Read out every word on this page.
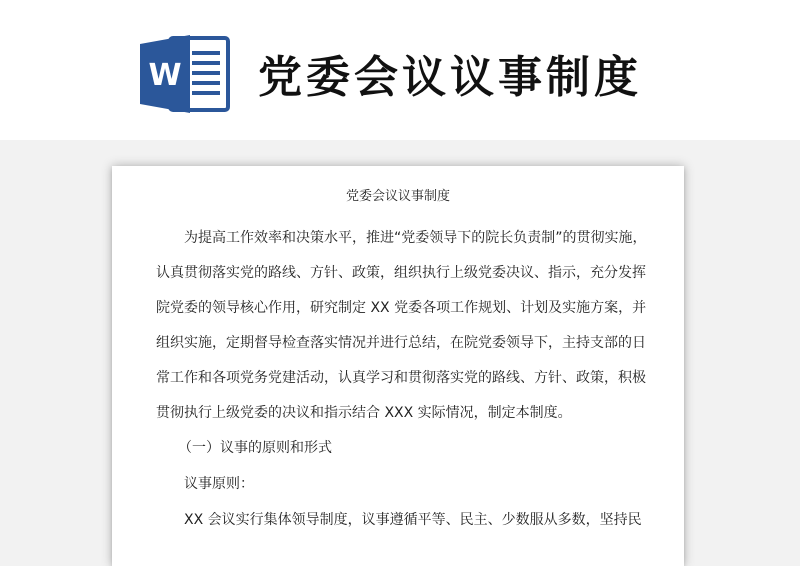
W 党委会议议事制度
党委会议议事制度
为提高工作效率和决策水平，推进“党委领导下的院长负责制”的贯彻实施，
认真贯彻落实党的路线、方针、政策，组织执行上级党委决议、指示，充分发挥
院党委的领导核心作用，研究制定 XX 党委各项工作规划、计划及实施方案，并
组织实施，定期督导检查落实情况并进行总结，在院党委领导下，主持支部的日
常工作和各项党务党建活动，认真学习和贯彻落实党的路线、方针、政策，积极
贯彻执行上级党委的决议和指示结合 XXX 实际情况，制定本制度。
（一）议事的原则和形式
议事原则：
XX 会议实行集体领导制度，议事遵循平等、民主、少数服从多数，坚持民
